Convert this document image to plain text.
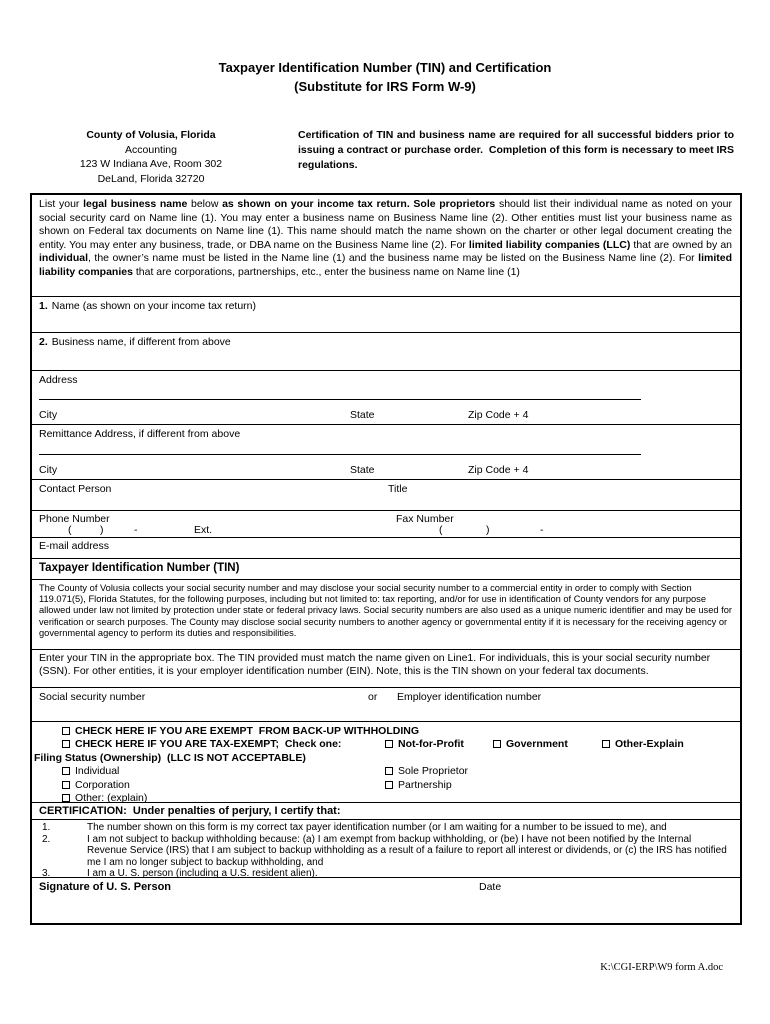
Taxpayer Identification Number (TIN) and Certification
(Substitute for IRS Form W-9)
County of Volusia, Florida
Accounting
123 W Indiana Ave, Room 302
DeLand, Florida 32720
Certification of TIN and business name are required for all successful bidders prior to issuing a contract or purchase order.  Completion of this form is necessary to meet IRS regulations.
List your legal business name below as shown on your income tax return. Sole proprietors should list their individual name as noted on your social security card on Name line (1). You may enter a business name on Business Name line (2). Other entities must list your business name as shown on Federal tax documents on Name line (1). This name should match the name shown on the charter or other legal document creating the entity. You may enter any business, trade, or DBA name on the Business Name line (2). For limited liability companies (LLC) that are owned by an individual, the owner’s name must be listed in the Name line (1) and the business name may be listed on the Business Name line (2). For limited liability companies that are corporations, partnerships, etc., enter the business name on Name line (1)
1. Name (as shown on your income tax return)
2. Business name, if different from above
Address
City	State	Zip Code + 4
Remittance Address, if different from above
City	State	Zip Code + 4
Contact Person	Title
Phone Number	Fax Number
(	)	-	Ext.	(	)	-
E-mail address
Taxpayer Identification Number (TIN)
The County of Volusia collects your social security number and may disclose your social security number to a commercial entity in order to comply with Section 119.071(5), Florida Statutes, for the following purposes, including but not limited to: tax reporting, and/or for use in identification of County vendors for any purpose allowed under law not limited by protection under state or federal privacy laws. Social security numbers are also used as a unique numeric identifier and may be used for verification or search purposes. The County may disclose social security numbers to another agency or governmental entity if it is necessary for the receiving agency or governmental agency to perform its duties and responsibilities.
Enter your TIN in the appropriate box. The TIN provided must match the name given on Line1. For individuals, this is your social security number (SSN). For other entities, it is your employer identification number (EIN). Note, this is the TIN shown on your federal tax documents.
Social security number	or Employer identification number
CHECK HERE IF YOU ARE EXEMPT  FROM BACK-UP WITHHOLDING
CHECK HERE IF YOU ARE TAX-EXEMPT;  Check one:	Not-for-Profit	Government	Other-Explain
Filing Status (Ownership)  (LLC IS NOT ACCEPTABLE)
Individual	Sole Proprietor
Corporation	Partnership
Other: (explain)
CERTIFICATION:  Under penalties of perjury, I certify that:
1.	The number shown on this form is my correct tax payer identification number (or I am waiting for a number to be issued to me), and
2.	I am not subject to backup withholding because: (a) I am exempt from backup withholding, or (be) I have not been notified by the Internal Revenue Service (IRS) that I am subject to backup withholding as a result of a failure to report all interest or dividends, or (c) the IRS has notified me I am no longer subject to backup withholding, and
3.	I am a U. S. person (including a U.S. resident alien).
Signature of U. S. Person	Date
K:\CGI-ERP\W9 form A.doc
